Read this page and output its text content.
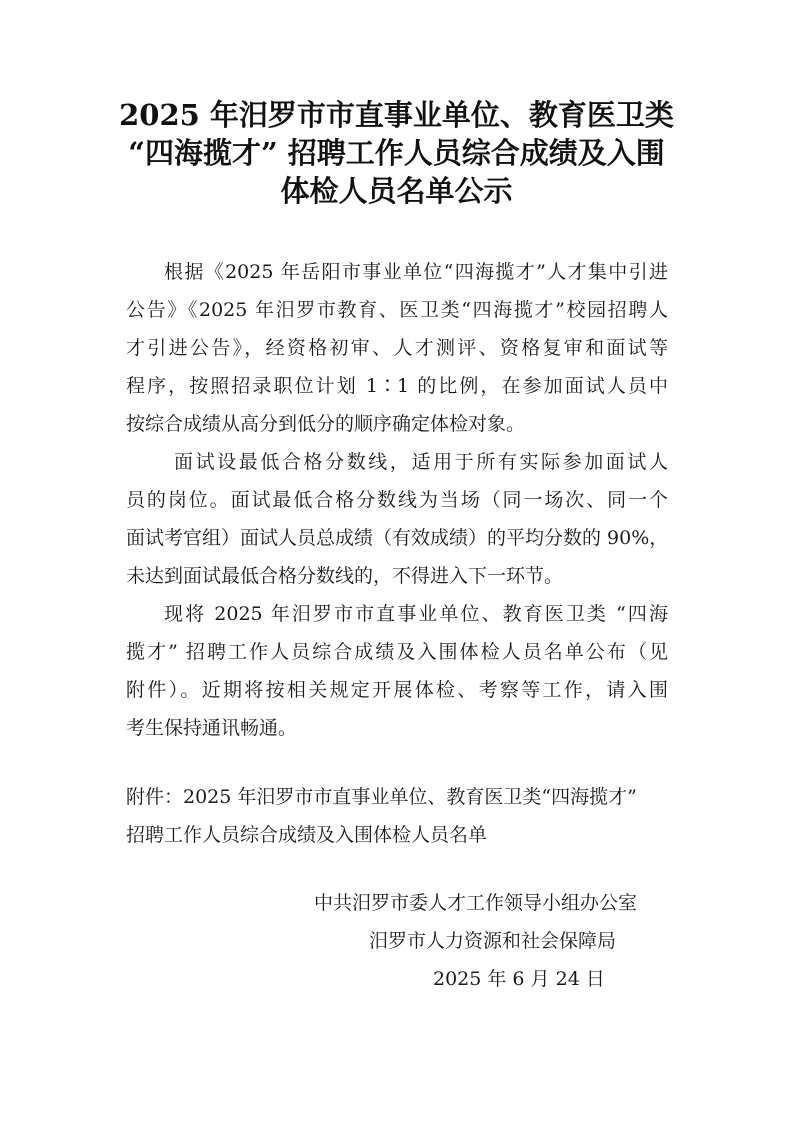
2025 年汨罗市市直事业单位、教育医卫类
“四海揽才” 招聘工作人员综合成绩及入围
体检人员名单公示

根据《2025 年岳阳市事业单位“四海揽才”人才集中引进
公告》《2025 年汨罗市教育、医卫类“四海揽才”校园招聘人
才引进公告》，经资格初审、人才测评、资格复审和面试等
程序，按照招录职位计划 1∶1 的比例，在参加面试人员中
按综合成绩从高分到低分的顺序确定体检对象。

面试设最低合格分数线，适用于所有实际参加面试人
员的岗位。面试最低合格分数线为当场（同一场次、同一个
面试考官组）面试人员总成绩（有效成绩）的平均分数的 90%，
未达到面试最低合格分数线的，不得进入下一环节。

现将 2025 年汨罗市市直事业单位、教育医卫类 “四海
揽才” 招聘工作人员综合成绩及入围体检人员名单公布（见
附件）。近期将按相关规定开展体检、考察等工作，请入围
考生保持通讯畅通。

附件：2025 年汨罗市市直事业单位、教育医卫类“四海揽才”
招聘工作人员综合成绩及入围体检人员名单
中共汨罗市委人才工作领导小组办公室
汨罗市人力资源和社会保障局
2025 年 6 月 24 日
